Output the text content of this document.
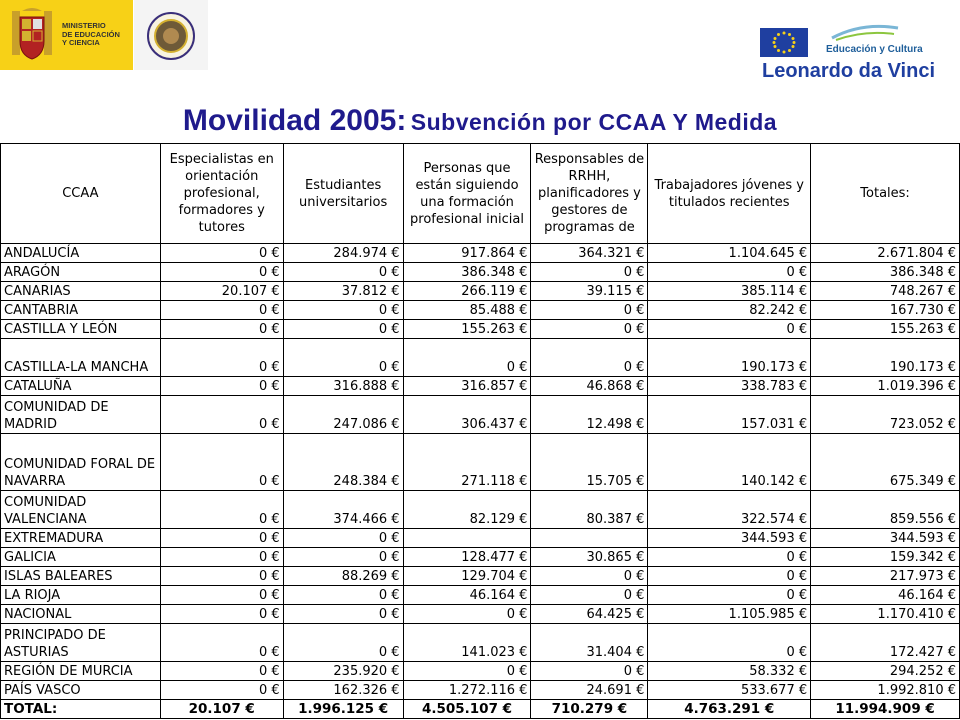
MINISTERIO
DE EDUCACIÓN
Y CIENCIA
Educación y Cultura
Leonardo da Vinci
Movilidad 2005: Subvención por CCAA Y Medida
CCAA	Especialistas en orientación profesional, formadores y tutores	Estudiantes universitarios	Personas que están siguiendo una formación profesional inicial	Responsables de RRHH, planificadores y gestores de programas de	Trabajadores jóvenes y titulados recientes	Totales:
ANDALUCÍA	0 €	284.974 €	917.864 €	364.321 €	1.104.645 €	2.671.804 €
ARAGÓN	0 €	0 €	386.348 €	0 €	0 €	386.348 €
CANARIAS	20.107 €	37.812 €	266.119 €	39.115 €	385.114 €	748.267 €
CANTABRIA	0 €	0 €	85.488 €	0 €	82.242 €	167.730 €
CASTILLA Y LEÓN	0 €	0 €	155.263 €	0 €	0 €	155.263 €
CASTILLA-LA MANCHA	0 €	0 €	0 €	0 €	190.173 €	190.173 €
CATALUÑA	0 €	316.888 €	316.857 €	46.868 €	338.783 €	1.019.396 €
COMUNIDAD DE MADRID	0 €	247.086 €	306.437 €	12.498 €	157.031 €	723.052 €
COMUNIDAD FORAL DE NAVARRA	0 €	248.384 €	271.118 €	15.705 €	140.142 €	675.349 €
COMUNIDAD VALENCIANA	0 €	374.466 €	82.129 €	80.387 €	322.574 €	859.556 €
EXTREMADURA	0 €	0 €			344.593 €	344.593 €
GALICIA	0 €	0 €	128.477 €	30.865 €	0 €	159.342 €
ISLAS BALEARES	0 €	88.269 €	129.704 €	0 €	0 €	217.973 €
LA RIOJA	0 €	0 €	46.164 €	0 €	0 €	46.164 €
NACIONAL	0 €	0 €	0 €	64.425 €	1.105.985 €	1.170.410 €
PRINCIPADO DE ASTURIAS	0 €	0 €	141.023 €	31.404 €	0 €	172.427 €
REGIÓN DE MURCIA	0 €	235.920 €	0 €	0 €	58.332 €	294.252 €
PAÍS VASCO	0 €	162.326 €	1.272.116 €	24.691 €	533.677 €	1.992.810 €
TOTAL:	20.107 €	1.996.125 €	4.505.107 €	710.279 €	4.763.291 €	11.994.909 €
